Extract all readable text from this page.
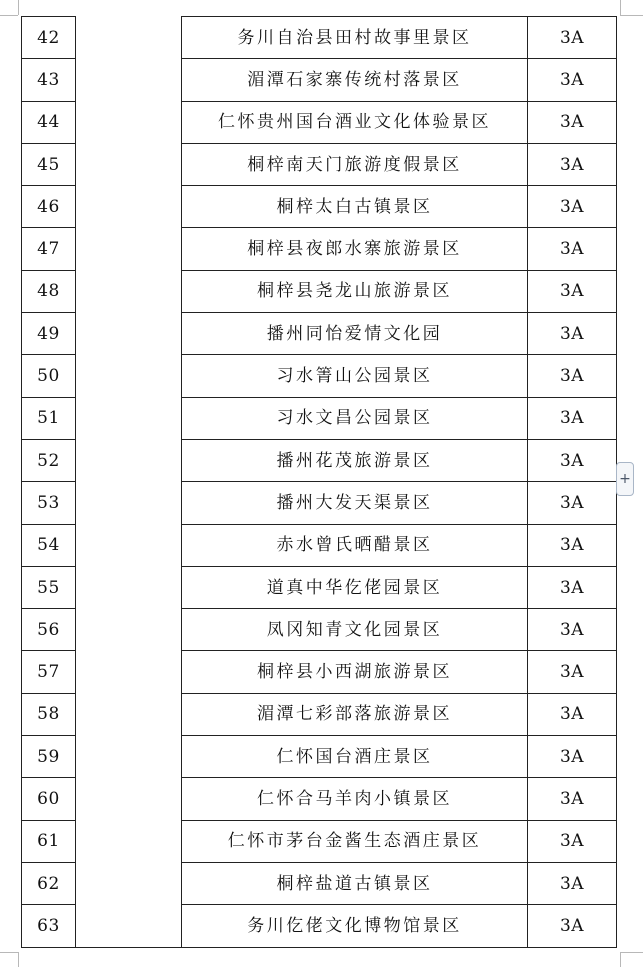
42		务川自治县田村故事里景区	3A
43		湄潭石家寨传统村落景区	3A
44		仁怀贵州国台酒业文化体验景区	3A
45		桐梓南天门旅游度假景区	3A
46		桐梓太白古镇景区	3A
47		桐梓县夜郎水寨旅游景区	3A
48		桐梓县尧龙山旅游景区	3A
49		播州同怡爱情文化园	3A
50		习水箐山公园景区	3A
51		习水文昌公园景区	3A
52		播州花茂旅游景区	3A
53		播州大发天渠景区	3A
54		赤水曾氏晒醋景区	3A
55		道真中华仡佬园景区	3A
56		凤冈知青文化园景区	3A
57		桐梓县小西湖旅游景区	3A
58		湄潭七彩部落旅游景区	3A
59		仁怀国台酒庄景区	3A
60		仁怀合马羊肉小镇景区	3A
61		仁怀市茅台金酱生态酒庄景区	3A
62		桐梓盐道古镇景区	3A
63		务川仡佬文化博物馆景区	3A
+
